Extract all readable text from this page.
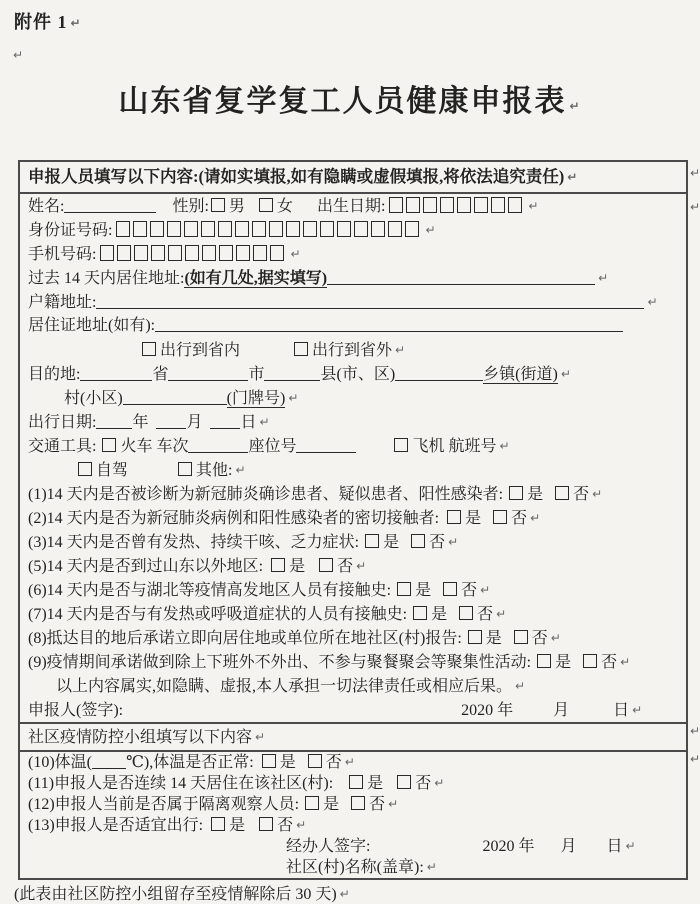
附件 1 ↵
↵
山东省复学复工人员健康申报表 ↵
申报人员填写以下内容:(请如实填报,如有隐瞒或虚假填报,将依法追究责任) ↵
姓名:	性别: 男 女 出生日期:	↵
身份证号码:	↵
手机号码:	↵
过去 14 天内居住地址:(如有几处,据实填写)	↵
户籍地址:	↵
居住证地址(如有):
出行到省内	出行到省外 ↵
目的地:	省	市	县(市、区)	乡镇(街道) ↵
村(小区)	(门牌号) ↵
出行日期: 年 月 日 ↵
交通工具: 火车 车次	座位号	飞机 航班号 ↵
自驾	其他: ↵
(1)14 天内是否被诊断为新冠肺炎确诊患者、疑似患者、阳性感染者: 是 否 ↵
(2)14 天内是否为新冠肺炎病例和阳性感染者的密切接触者: 是 否 ↵
(3)14 天内是否曾有发热、持续干咳、乏力症状: 是 否 ↵
(5)14 天内是否到过山东以外地区: 是 否 ↵
(6)14 天内是否与湖北等疫情高发地区人员有接触史: 是 否 ↵
(7)14 天内是否与有发热或呼吸道症状的人员有接触史: 是 否 ↵
(8)抵达目的地后承诺立即向居住地或单位所在地社区(村)报告: 是 否 ↵
(9)疫情期间承诺做到除上下班外不外出、不参与聚餐聚会等聚集性活动: 是 否 ↵
以上内容属实,如隐瞒、虚报,本人承担一切法律责任或相应后果。 ↵
申报人(签字):	2020 年	月	日 ↵
社区疫情防控小组填写以下内容 ↵
(10)体温( ℃),体温是否正常: 是 否 ↵
(11)申报人是否连续 14 天居住在该社区(村): 是 否 ↵
(12)申报人当前是否属于隔离观察人员: 是 否 ↵
(13)申报人是否适宜出行: 是 否 ↵
经办人签字:	2020 年 月 日 ↵
社区(村)名称(盖章): ↵
↵
↵
↵
↵
(此表由社区防控小组留存至疫情解除后 30 天) ↵
